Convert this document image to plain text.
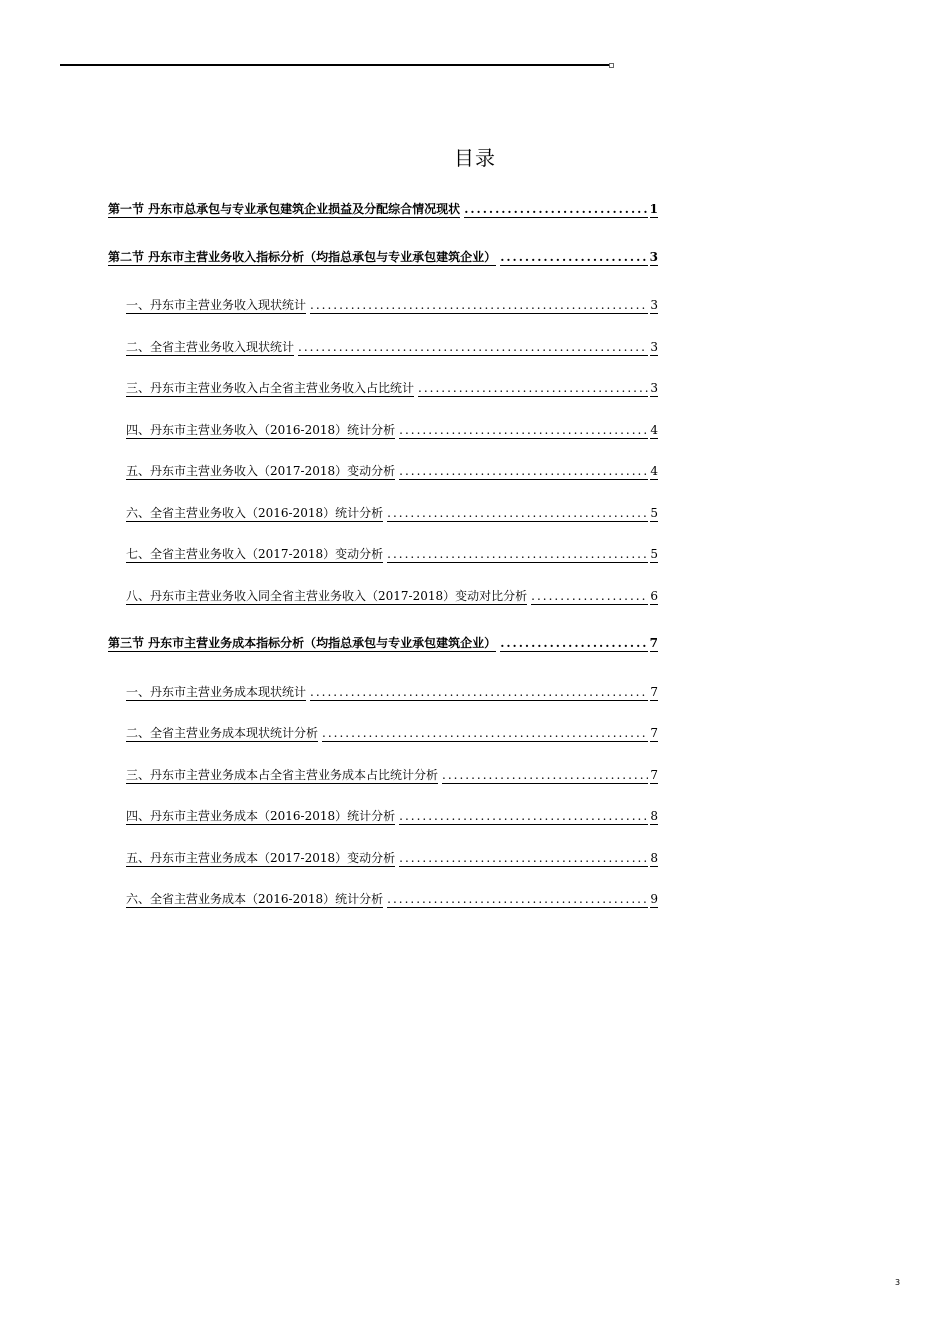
目录
第一节 丹东市总承包与专业承包建筑企业损益及分配综合情况现状 .....	1
第二节 丹东市主营业务收入指标分析（均指总承包与专业承包建筑企业） .....	3
一、丹东市主营业务收入现状统计 .....	3
二、全省主营业务收入现状统计 .....	3
三、丹东市主营业务收入占全省主营业务收入占比统计 .....	3
四、丹东市主营业务收入（2016-2018）统计分析 .....	4
五、丹东市主营业务收入（2017-2018）变动分析 .....	4
六、全省主营业务收入（2016-2018）统计分析 .....	5
七、全省主营业务收入（2017-2018）变动分析 .....	5
八、丹东市主营业务收入同全省主营业务收入（2017-2018）变动对比分析 .....	6
第三节 丹东市主营业务成本指标分析（均指总承包与专业承包建筑企业） .....	7
一、丹东市主营业务成本现状统计 .....	7
二、全省主营业务成本现状统计分析 .....	7
三、丹东市主营业务成本占全省主营业务成本占比统计分析 .....	7
四、丹东市主营业务成本（2016-2018）统计分析 .....	8
五、丹东市主营业务成本（2017-2018）变动分析 .....	8
六、全省主营业务成本（2016-2018）统计分析 .....	9
3
